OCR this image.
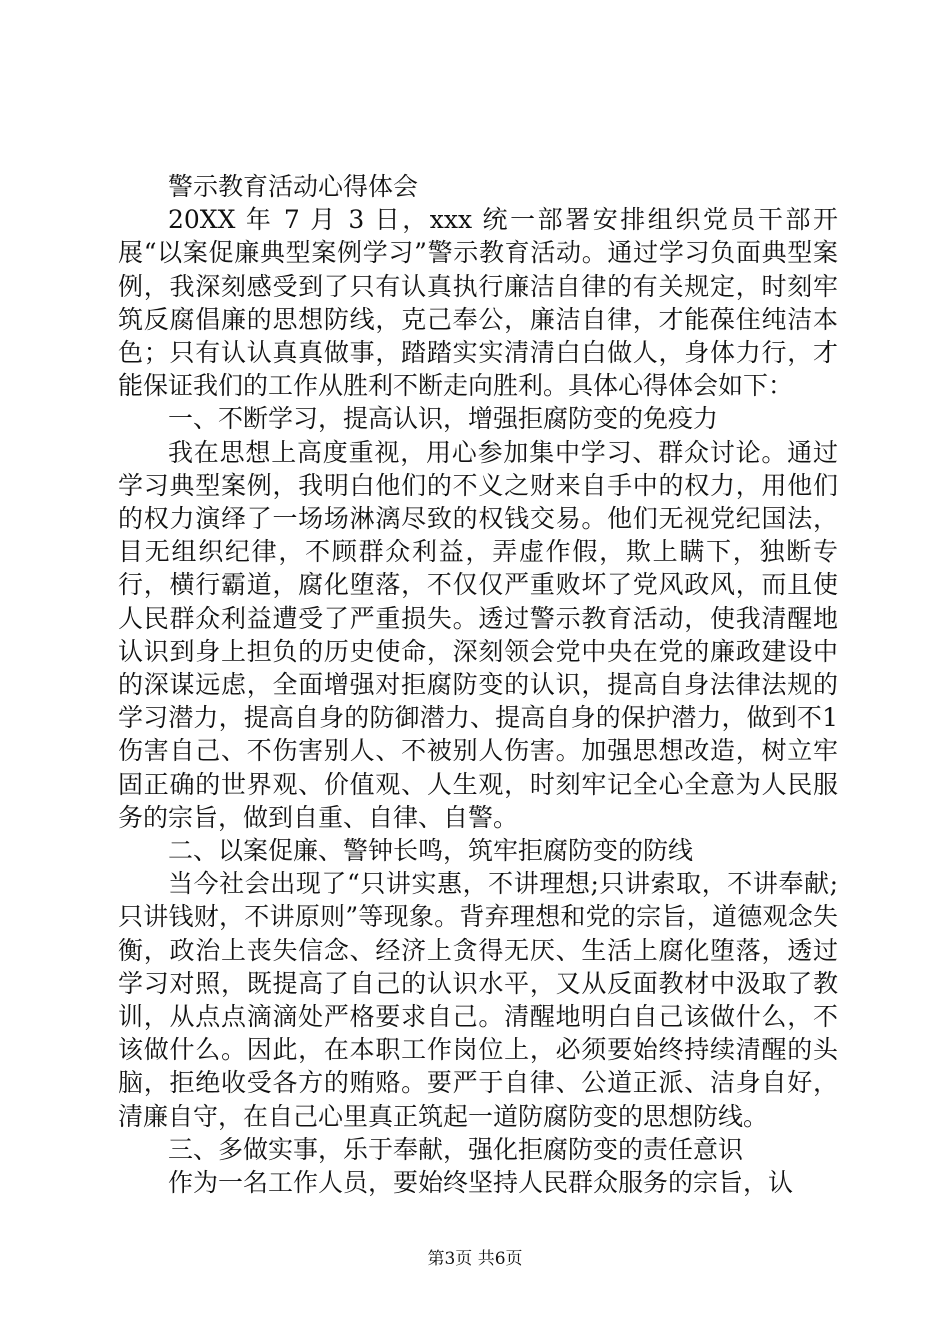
警示教育活动心得体会

20XX 年 7 月 3 日，xxx 统一部署安排组织党员干部开展“以案促廉典型案例学习”警示教育活动。通过学习负面典型案例，我深刻感受到了只有认真执行廉洁自律的有关规定，时刻牢筑反腐倡廉的思想防线，克己奉公，廉洁自律，才能葆住纯洁本色；只有认认真真做事，踏踏实实清清白白做人，身体力行，才能保证我们的工作从胜利不断走向胜利。具体心得体会如下：

一、不断学习，提高认识，增强拒腐防变的免疫力

我在思想上高度重视，用心参加集中学习、群众讨论。通过学习典型案例，我明白他们的不义之财来自手中的权力，用他们的权力演绎了一场场淋漓尽致的权钱交易。他们无视党纪国法，目无组织纪律，不顾群众利益，弄虚作假，欺上瞒下，独断专行，横行霸道，腐化堕落，不仅仅严重败坏了党风政风，而且使人民群众利益遭受了严重损失。透过警示教育活动，使我清醒地认识到身上担负的历史使命，深刻领会党中央在党的廉政建设中的深谋远虑，全面增强对拒腐防变的认识，提高自身法律法规的学习潜力，提高自身的防御潜力、提高自身的保护潜力，做到不1伤害自己、不伤害别人、不被别人伤害。加强思想改造，树立牢固正确的世界观、价值观、人生观，时刻牢记全心全意为人民服务的宗旨，做到自重、自律、自警。

二、以案促廉、警钟长鸣，筑牢拒腐防变的防线

当今社会出现了“只讲实惠，不讲理想;只讲索取，不讲奉献;只讲钱财，不讲原则”等现象。背弃理想和党的宗旨，道德观念失衡，政治上丧失信念、经济上贪得无厌、生活上腐化堕落，透过学习对照，既提高了自己的认识水平，又从反面教材中汲取了教训，从点点滴滴处严格要求自己。清醒地明白自己该做什么，不该做什么。因此，在本职工作岗位上，必须要始终持续清醒的头脑，拒绝收受各方的贿赂。要严于自律、公道正派、洁身自好，清廉自守，在自己心里真正筑起一道防腐防变的思想防线。

三、多做实事，乐于奉献，强化拒腐防变的责任意识

作为一名工作人员，要始终坚持人民群众服务的宗旨，认

第3页 共6页
